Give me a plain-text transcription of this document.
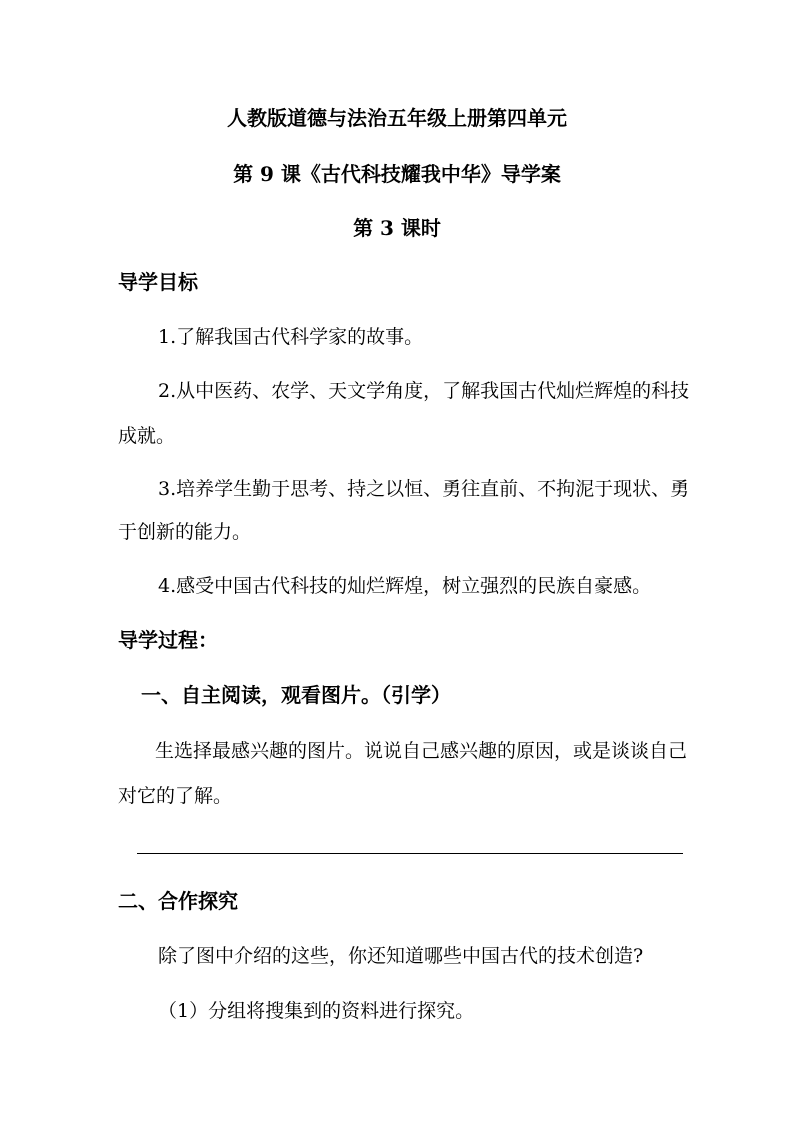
人教版道德与法治五年级上册第四单元
第 9 课《古代科技耀我中华》导学案
第 3 课时
导学目标
1.了解我国古代科学家的故事。
2.从中医药、农学、天文学角度，了解我国古代灿烂辉煌的科技
成就。
3.培养学生勤于思考、持之以恒、勇往直前、不拘泥于现状、勇
于创新的能力。
4.感受中国古代科技的灿烂辉煌，树立强烈的民族自豪感。
导学过程：
一、自主阅读，观看图片。（引学）
生选择最感兴趣的图片。说说自己感兴趣的原因，或是谈谈自己
对它的了解。
二、合作探究
除了图中介绍的这些，你还知道哪些中国古代的技术创造?
（1）分组将搜集到的资料进行探究。
